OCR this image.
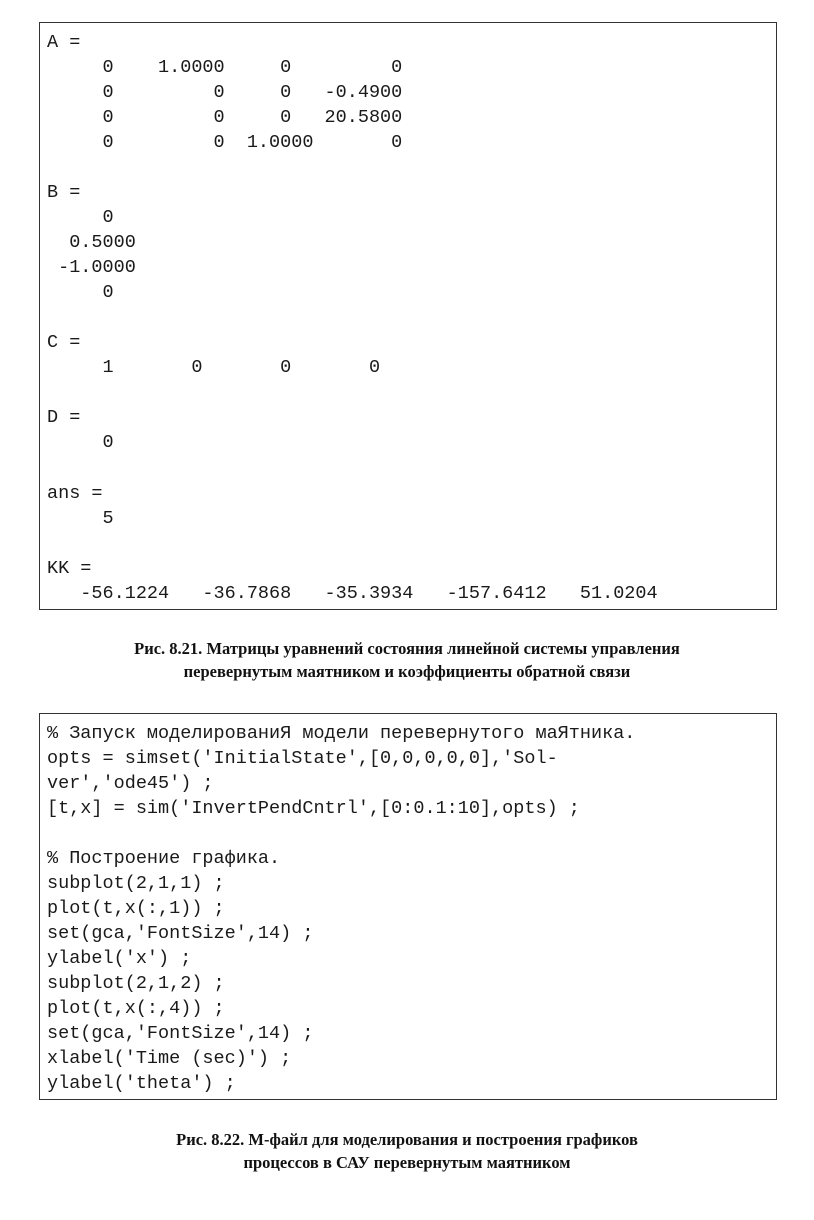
A =
0    1.0000     0         0
0         0     0   -0.4900
0         0     0   20.5800
0         0  1.0000       0
B =
0
0.5000
-1.0000
0
C =
1       0       0       0
D =
0
ans =
5
KK =
-56.1224   -36.7868   -35.3934   -157.6412   51.0204
Рис. 8.21. Матрицы уравнений состояния линейной системы управления
перевернутым маятником и коэффициенты обратной связи
% Запуск моделированиЯ модели перевернутого маЯтника.
opts = simset('InitialState',[0,0,0,0,0],'Sol-
ver','ode45') ;
[t,x] = sim('InvertPendCntrl',[0:0.1:10],opts) ;
% Построение графика.
subplot(2,1,1) ;
plot(t,x(:,1)) ;
set(gca,'FontSize',14) ;
ylabel('x') ;
subplot(2,1,2) ;
plot(t,x(:,4)) ;
set(gca,'FontSize',14) ;
xlabel('Time (sec)') ;
ylabel('theta') ;
Рис. 8.22. М-файл для моделирования и построения графиков
процессов в САУ перевернутым маятником
